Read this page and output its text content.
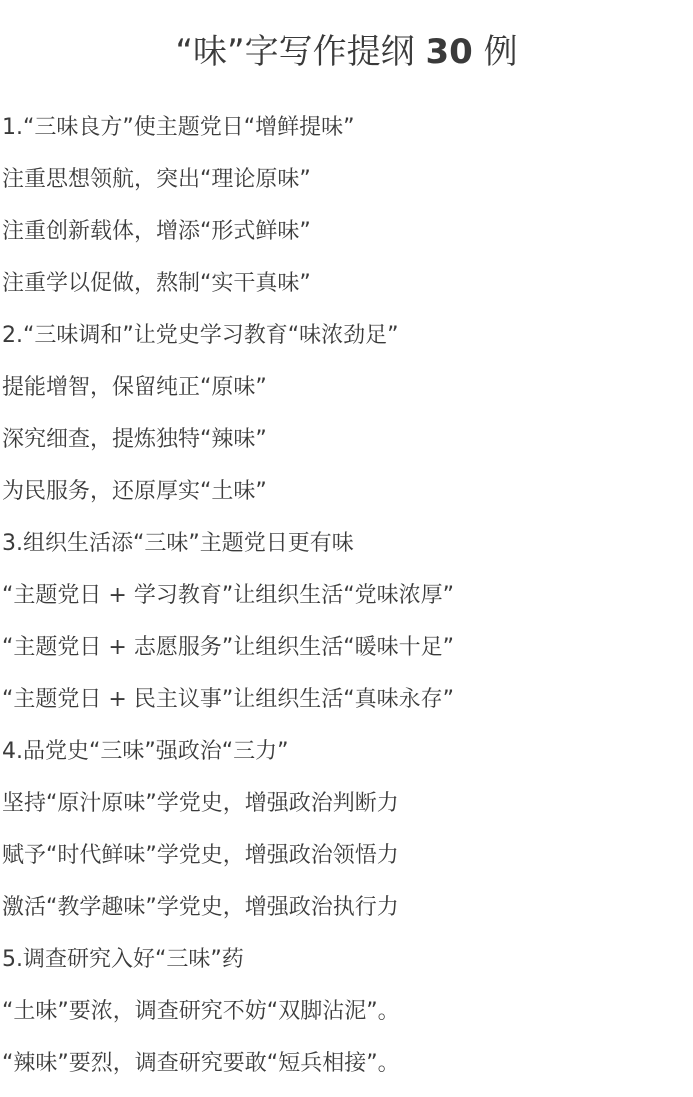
“味”字写作提纲 30 例
1.“三味良方”使主题党日“增鲜提味”
注重思想领航，突出“理论原味”
注重创新载体，增添“形式鲜味”
注重学以促做，熬制“实干真味”
2.“三味调和”让党史学习教育“味浓劲足”
提能增智，保留纯正“原味”
深究细查，提炼独特“辣味”
为民服务，还原厚实“土味”
3.组织生活添“三味”主题党日更有味
“主题党日 + 学习教育”让组织生活“党味浓厚”
“主题党日 + 志愿服务”让组织生活“暖味十足”
“主题党日 + 民主议事”让组织生活“真味永存”
4.品党史“三味”强政治“三力”
坚持“原汁原味”学党史，增强政治判断力
赋予“时代鲜味”学党史，增强政治领悟力
激活“教学趣味”学党史，增强政治执行力
5.调查研究入好“三味”药
“土味”要浓，调查研究不妨“双脚沾泥”。
“辣味”要烈，调查研究要敢“短兵相接”。
